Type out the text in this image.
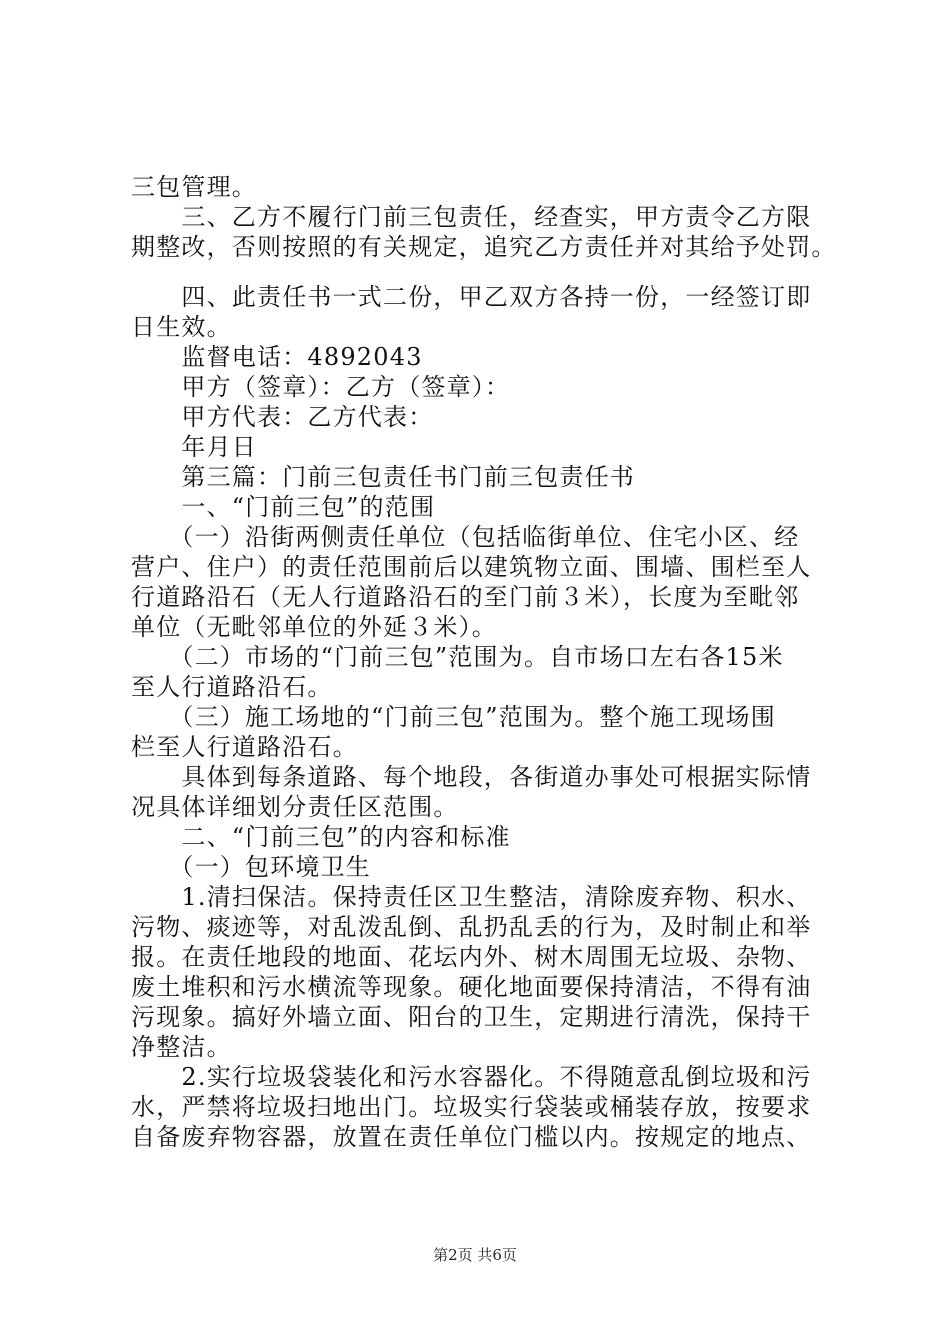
三包管理。

　　三、乙方不履行门前三包责任，经查实，甲方责令乙方限

期整改，否则按照的有关规定，追究乙方责任并对其给予处罚。

　　四、此责任书一式二份，甲乙双方各持一份，一经签订即

日生效。

　　监督电话：4892043

　　甲方（签章）：乙方（签章）：

　　甲方代表：乙方代表：

　　年月日

　　第三篇：门前三包责任书门前三包责任书

　　一、“门前三包”的范围

　　（一）沿街两侧责任单位（包括临街单位、住宅小区、经

营户、住户）的责任范围前后以建筑物立面、围墙、围栏至人

行道路沿石（无人行道路沿石的至门前３米），长度为至毗邻

单位（无毗邻单位的外延３米）。

　　（二）市场的“门前三包”范围为。自市场口左右各15米

至人行道路沿石。

　　（三）施工场地的“门前三包”范围为。整个施工现场围

栏至人行道路沿石。

　　具体到每条道路、每个地段，各街道办事处可根据实际情

况具体详细划分责任区范围。

　　二、“门前三包”的内容和标准

　　（一）包环境卫生

　　1.清扫保洁。保持责任区卫生整洁，清除废弃物、积水、

污物、痰迹等，对乱泼乱倒、乱扔乱丢的行为，及时制止和举

报。在责任地段的地面、花坛内外、树木周围无垃圾、杂物、

废土堆积和污水横流等现象。硬化地面要保持清洁，不得有油

污现象。搞好外墙立面、阳台的卫生，定期进行清洗，保持干

净整洁。

　　2.实行垃圾袋装化和污水容器化。不得随意乱倒垃圾和污

水，严禁将垃圾扫地出门。垃圾实行袋装或桶装存放，按要求

自备废弃物容器，放置在责任单位门槛以内。按规定的地点、

第2页 共6页
